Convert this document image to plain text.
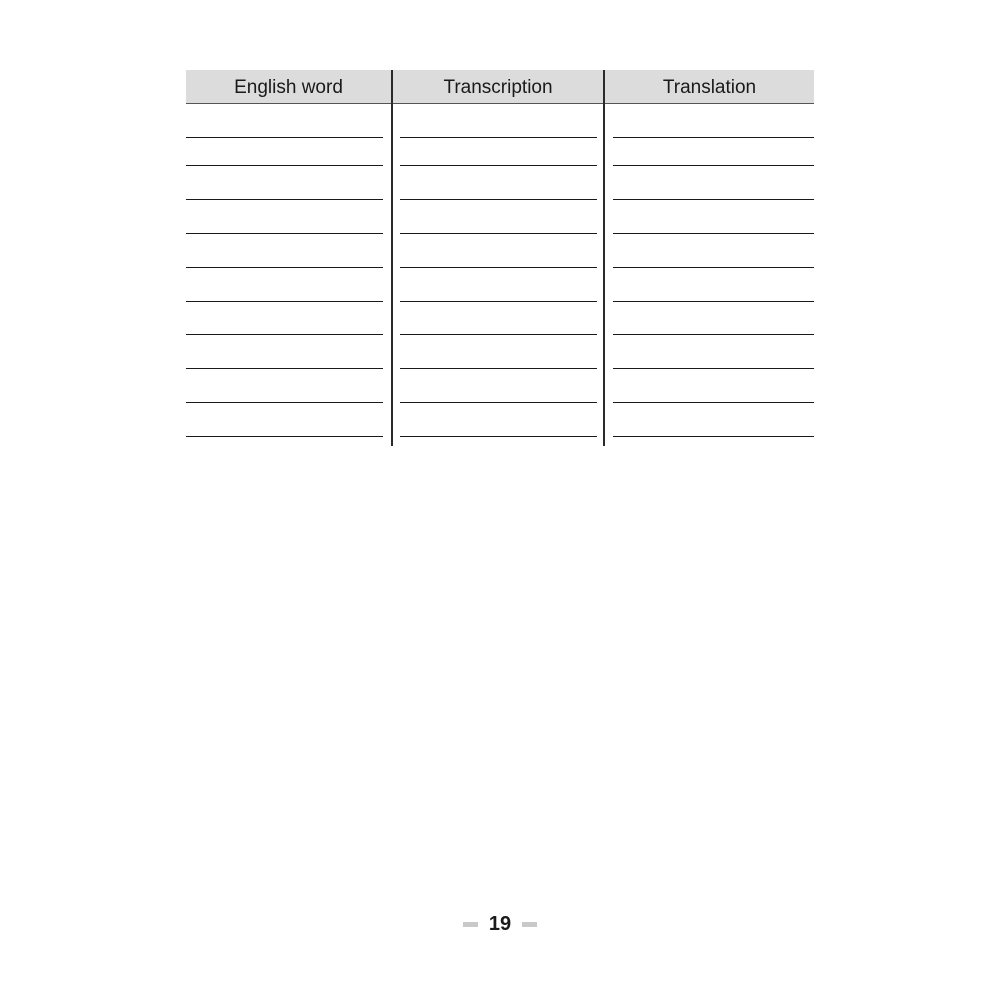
English word	Transcription	Translation
19
